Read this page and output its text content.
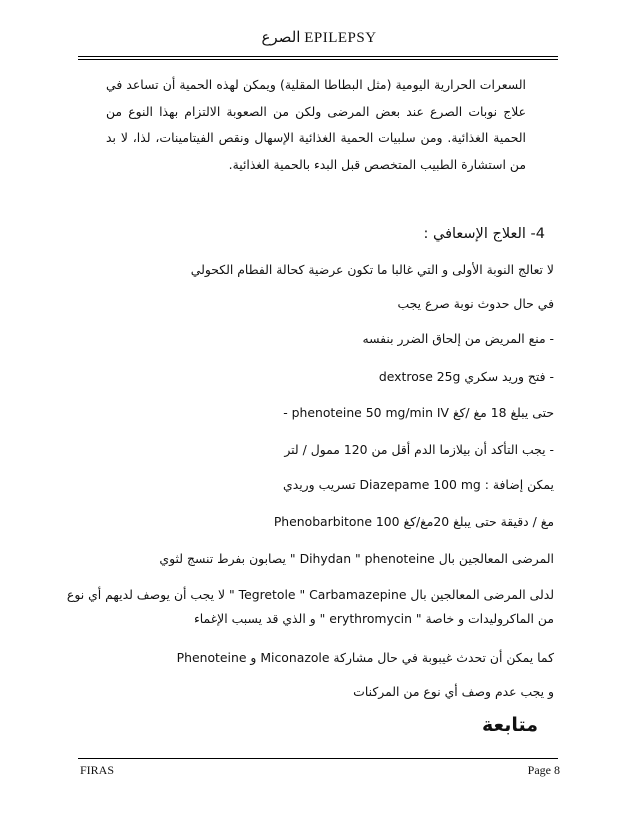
الصرع EPILEPSY
السعرات الحرارية اليومية (مثل البطاطا المقلية) ويمكن لهذه الحمية أن تساعد في علاج نوبات الصرع عند بعض المرضى ولكن من الصعوبة الالتزام بهذا النوع من الحمية الغذائية. ومن سلبيات الحمية الغذائية الإسهال ونقص الفيتامينات، لذا، لا بد من استشارة الطبيب المتخصص قبل البدء بالحمية الغذائية.
4- العلاج الإسعافي :
لا تعالج النوبة الأولى و التي غالبا ما تكون عرضية كحالة الفطام الكحولي
في حال حدوث نوبة صرع يجب
- منع المريض من إلحاق الضرر بنفسه
- فتح وريد سكري dextrose 25g
- phenoteine 50 mg/min IV حتى يبلغ 18 مغ /كغ
- يجب التأكد أن بيلازما الدم أقل من 120 ممول / لتر
يمكن إضافة : Diazepame 100 mg تسريب وريدي
Phenobarbitone 100 مغ / دقيقة حتى يبلغ 20مغ/كغ
المرضى المعالجين بال Dihydan " phenoteine " يصابون بفرط تنسج لثوي
لدلى المرضى المعالجين بال Tegretole " Carbamazepine " لا يجب أن يوصف لديهم أي نوع
من الماكروليدات و خاصة " erythromycin " و الذي قد يسبب الإغماء
كما يمكن أن تحدث غيبوبة في حال مشاركة Miconazole و Phenoteine
و يجب عدم وصف أي نوع من المركنات
متابعة
FIRAS	Page 8
